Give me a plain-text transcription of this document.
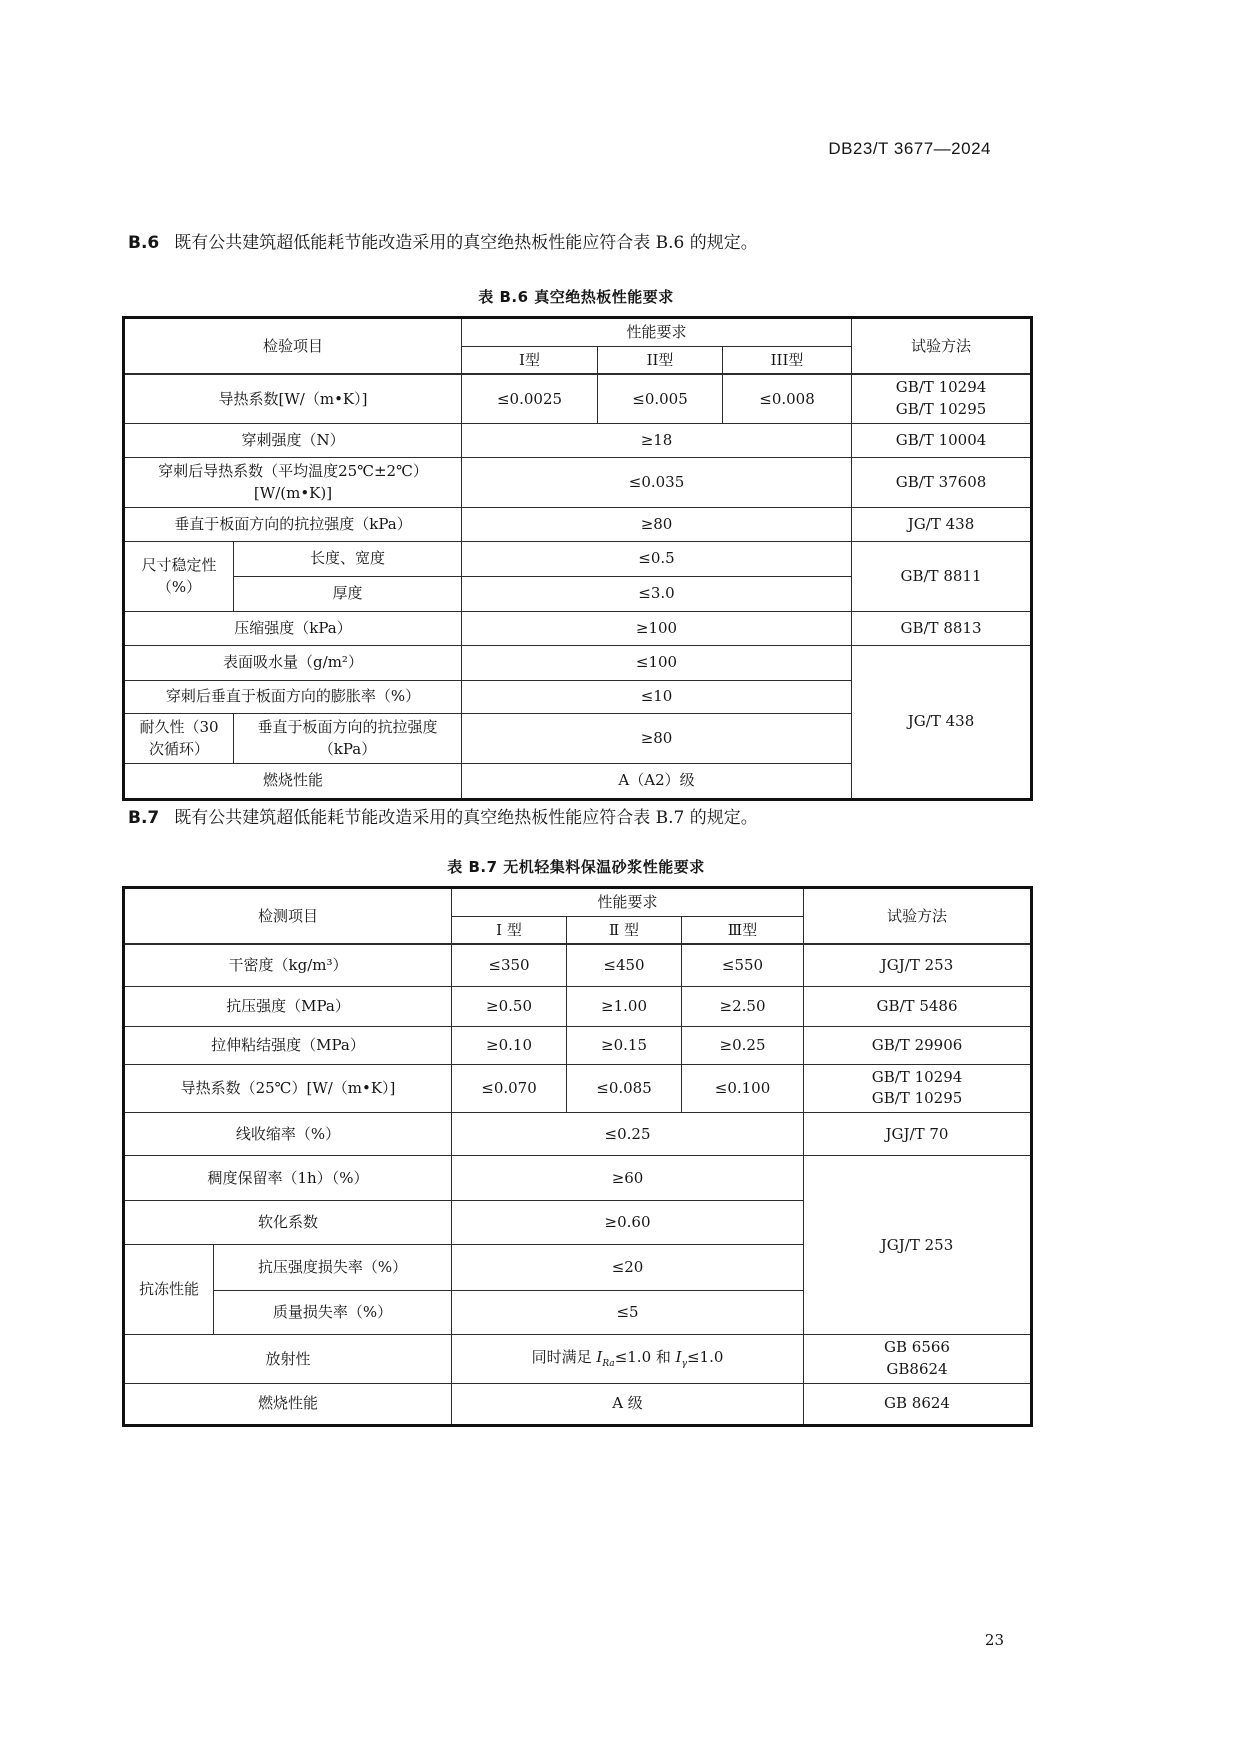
DB23/T 3677—2024
B.6 既有公共建筑超低能耗节能改造采用的真空绝热板性能应符合表 B.6 的规定。
表 B.6 真空绝热板性能要求
检验项目		性能要求			试验方法
		I型	II型	III型	
导热系数[W/（m•K）]		≤0.0025	≤0.005	≤0.008	GB/T 10294
GB/T 10295

穿刺强度（N）		≥18			GB/T 10004
穿刺后导热系数（平均温度25℃±2℃）[W/(m•K)]		≤0.035			GB/T 37608
垂直于板面方向的抗拉强度（kPa）		≥80			JG/T 438
尺寸稳定性（%）	长度、宽度	≤0.5			GB/T 8811
	厚度	≤3.0			
压缩强度（kPa）		≥100			GB/T 8813
表面吸水量（g/m²）		≤100			JG/T 438
穿刺后垂直于板面方向的膨胀率（%）		≤10			
耐久性（30 次循环）	垂直于板面方向的抗拉强度（kPa）	≥80			
燃烧性能		A（A2）级			
B.7 既有公共建筑超低能耗节能改造采用的真空绝热板性能应符合表 B.7 的规定。
表 B.7 无机轻集料保温砂浆性能要求
检测项目		性能要求			试验方法
		Ⅰ 型	Ⅱ 型	Ⅲ型	
干密度（kg/m³）		≤350	≤450	≤550	JGJ/T 253
抗压强度（MPa）		≥0.50	≥1.00	≥2.50	GB/T 5486
拉伸粘结强度（MPa）		≥0.10	≥0.15	≥0.25	GB/T 29906
导热系数（25℃）[W/（m•K）]		≤0.070	≤0.085	≤0.100	GB/T 10294
GB/T 10295

线收缩率（%）		≤0.25			JGJ/T 70
稠度保留率（1h）（%）		≥60			JGJ/T 253
软化系数		≥0.60			
抗冻性能	抗压强度损失率（%）	≤20			
	质量损失率（%）	≤5			
放射性		同时满足 $I_{Ra}\le 1.0$ 和 $I_\gamma\le 1.0$			GB 6566
GB8624

燃烧性能		A 级			GB 8624
23
